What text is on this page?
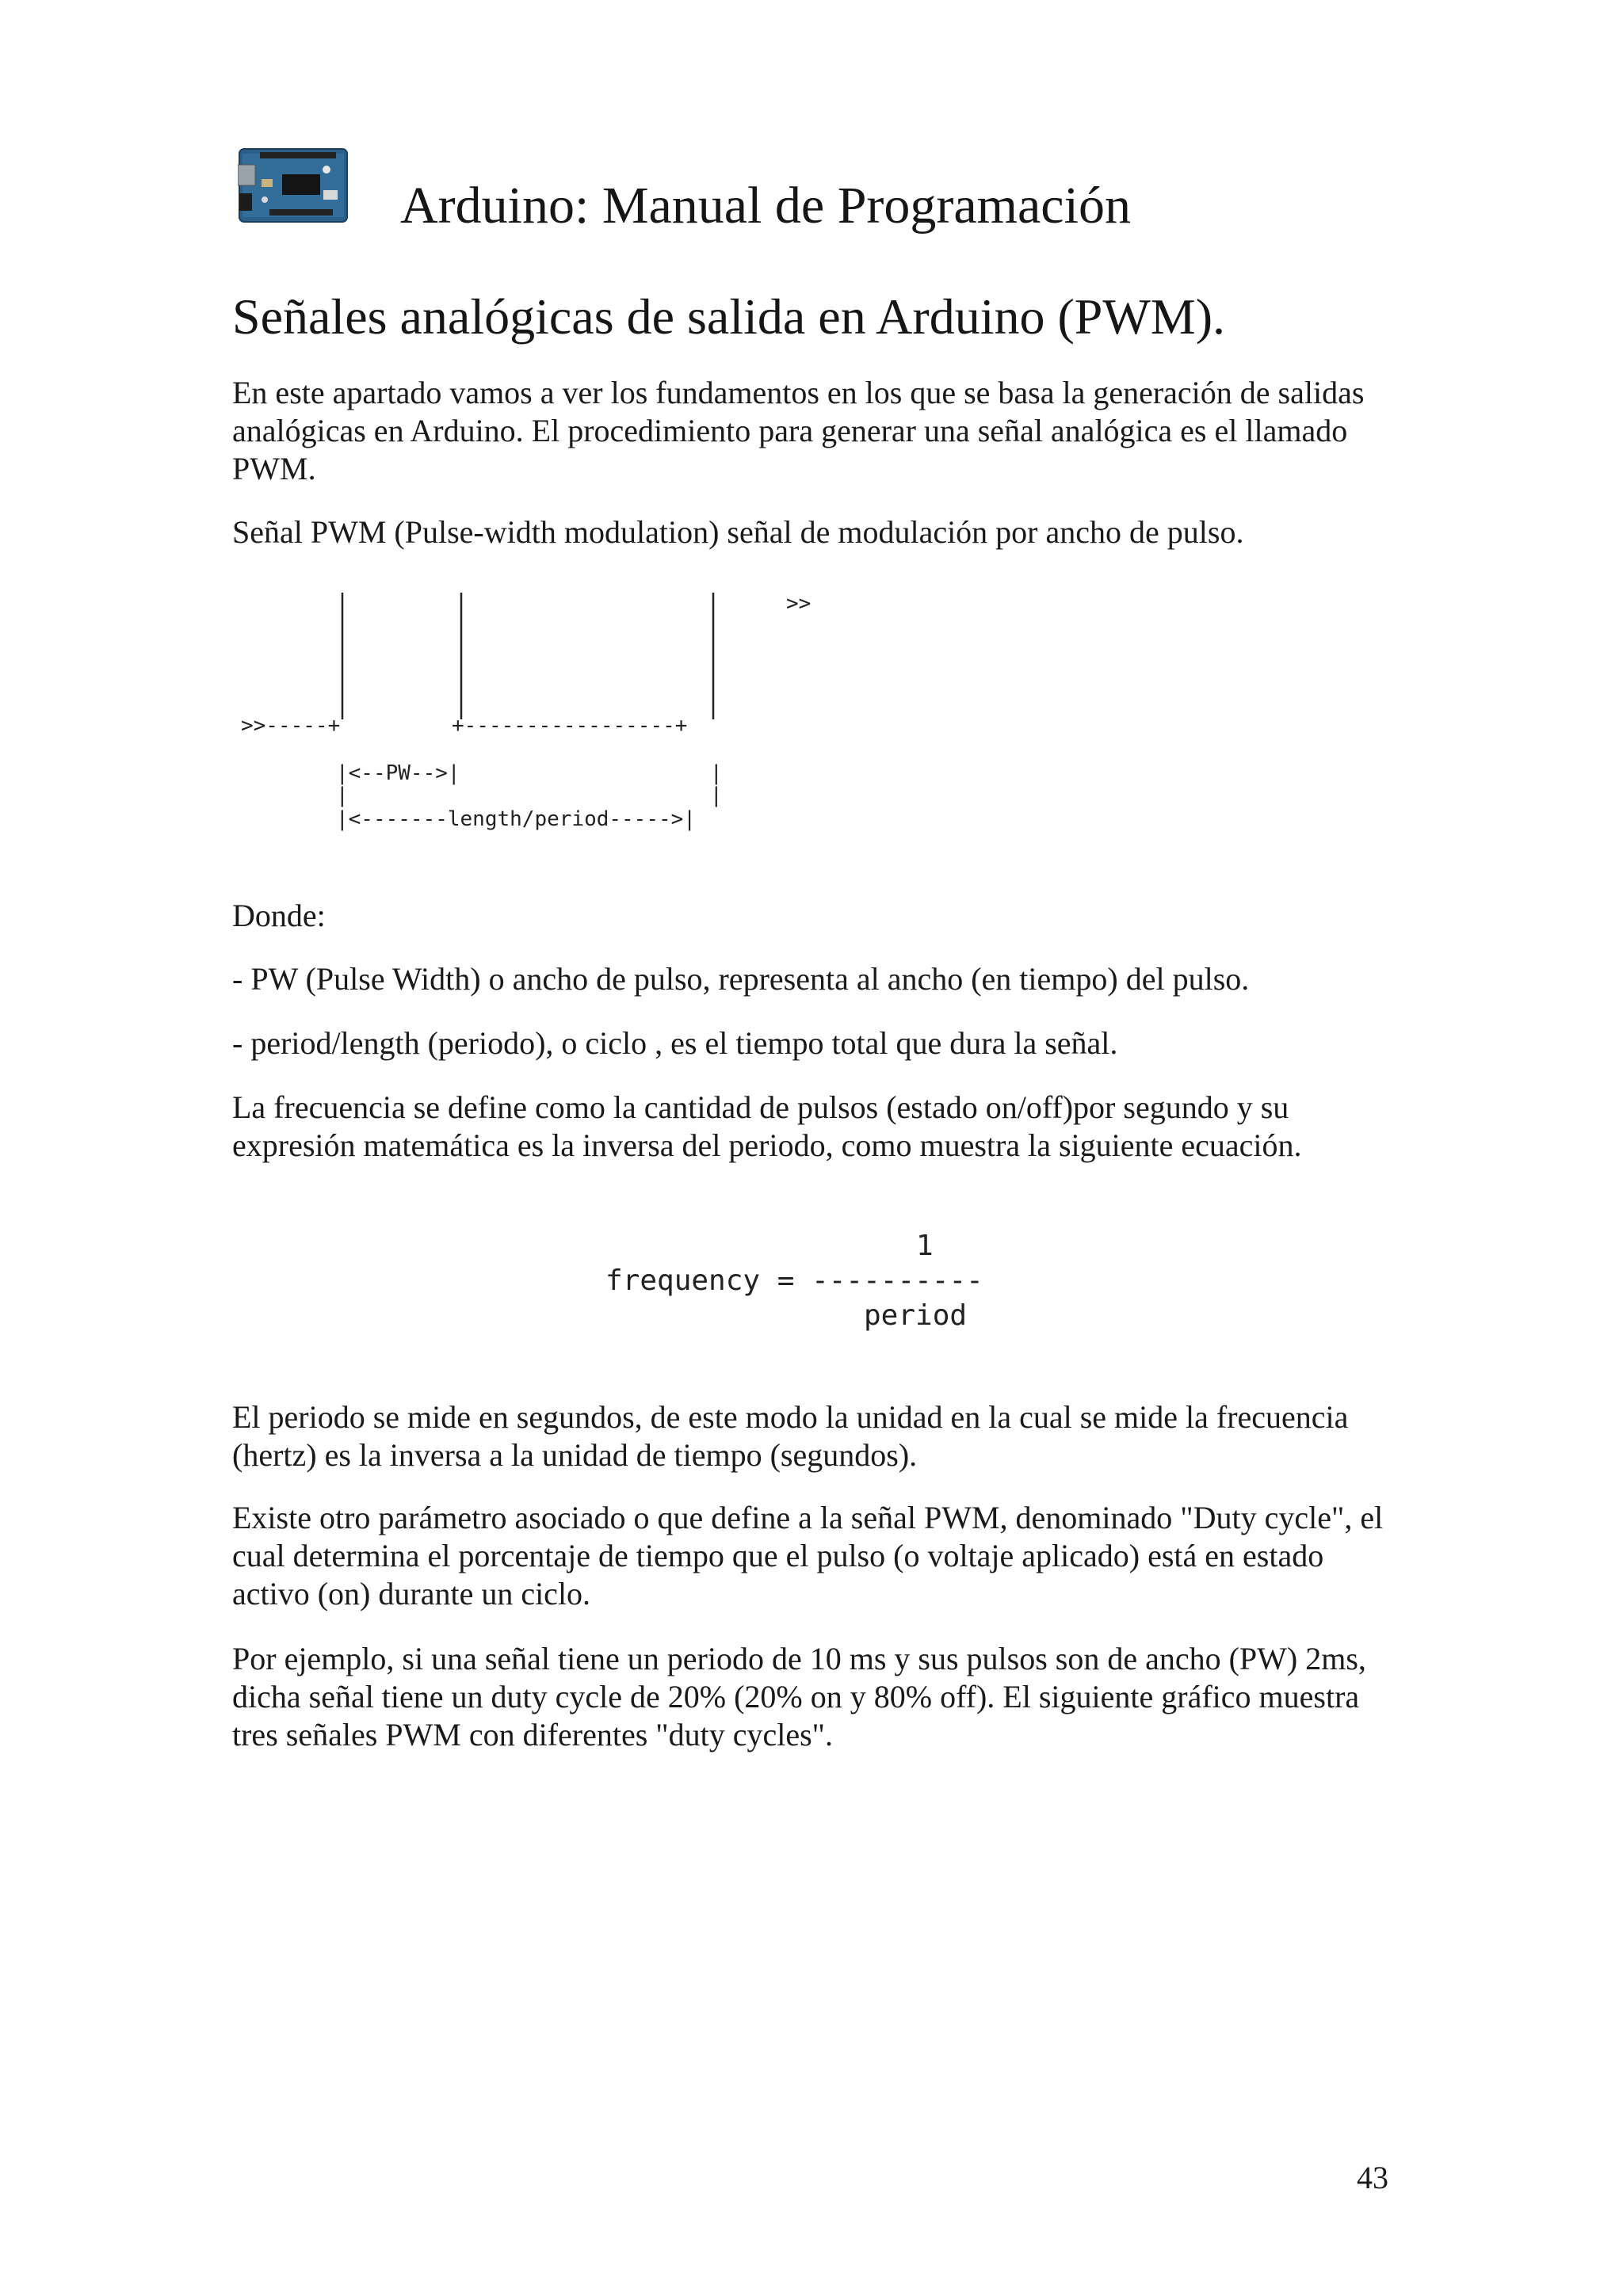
Arduino: Manual de Programación
Señales analógicas de salida en Arduino (PWM).

En este apartado vamos a ver los fundamentos en los que se basa la generación de salidas analógicas en Arduino. El procedimiento para generar una señal analógica es el llamado PWM.

Señal PWM (Pulse-width modulation) señal de modulación por ancho de pulso.

>>
>>-----+	+-----------------+
|<--PW-->|	|
|	|
|<-------length/period----->|

Donde:

- PW (Pulse Width) o ancho de pulso, representa al ancho (en tiempo) del pulso.

- period/length (periodo), o ciclo , es el tiempo total que dura la señal.

La frecuencia se define como la cantidad de pulsos (estado on/off)por segundo y su expresión matemática es la inversa del periodo, como muestra la siguiente ecuación.

1
frequency = ----------
period

El periodo se mide en segundos, de este modo la unidad en la cual se mide la frecuencia (hertz) es la inversa a la unidad de tiempo (segundos).

Existe otro parámetro asociado o que define a la señal PWM, denominado "Duty cycle", el cual determina el porcentaje de tiempo que el pulso (o voltaje aplicado) está en estado activo (on) durante un ciclo.

Por ejemplo, si una señal tiene un periodo de 10 ms y sus pulsos son de ancho (PW) 2ms, dicha señal tiene un duty cycle de 20% (20% on y 80% off). El siguiente gráfico muestra tres señales PWM con diferentes "duty cycles".

43
